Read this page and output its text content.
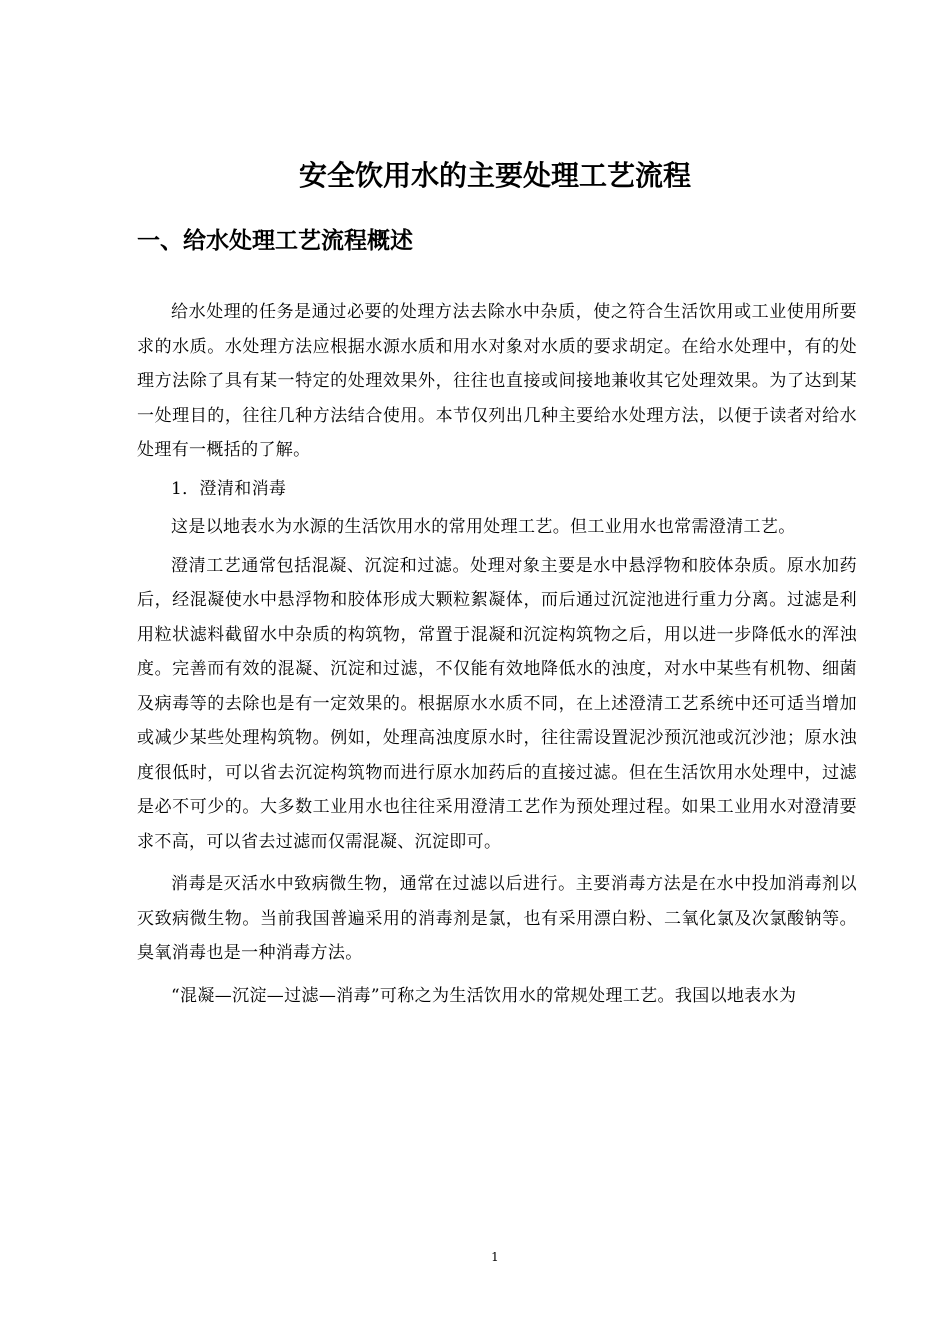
安全饮用水的主要处理工艺流程
一、给水处理工艺流程概述

给水处理的任务是通过必要的处理方法去除水中杂质，使之符合生活饮用或工业使用所要求的水质。水处理方法应根据水源水质和用水对象对水质的要求胡定。在给水处理中，有的处理方法除了具有某一特定的处理效果外，往往也直接或间接地兼收其它处理效果。为了达到某一处理目的，往往几种方法结合使用。本节仅列出几种主要给水处理方法，以便于读者对给水处理有一概括的了解。

1．澄清和消毒

这是以地表水为水源的生活饮用水的常用处理工艺。但工业用水也常需澄清工艺。

澄清工艺通常包括混凝、沉淀和过滤。处理对象主要是水中悬浮物和胶体杂质。原水加药后，经混凝使水中悬浮物和胶体形成大颗粒絮凝体，而后通过沉淀池进行重力分离。过滤是利用粒状滤料截留水中杂质的构筑物，常置于混凝和沉淀构筑物之后，用以进一步降低水的浑浊度。完善而有效的混凝、沉淀和过滤，不仅能有效地降低水的浊度，对水中某些有机物、细菌及病毒等的去除也是有一定效果的。根据原水水质不同，在上述澄清工艺系统中还可适当增加或减少某些处理构筑物。例如，处理高浊度原水时，往往需设置泥沙预沉池或沉沙池；原水浊度很低时，可以省去沉淀构筑物而进行原水加药后的直接过滤。但在生活饮用水处理中，过滤是必不可少的。大多数工业用水也往往采用澄清工艺作为预处理过程。如果工业用水对澄清要求不高，可以省去过滤而仅需混凝、沉淀即可。

消毒是灭活水中致病微生物，通常在过滤以后进行。主要消毒方法是在水中投加消毒剂以灭致病微生物。当前我国普遍采用的消毒剂是氯，也有采用漂白粉、二氧化氯及次氯酸钠等。臭氧消毒也是一种消毒方法。

“混凝—沉淀—过滤—消毒”可称之为生活饮用水的常规处理工艺。我国以地表水为

1
